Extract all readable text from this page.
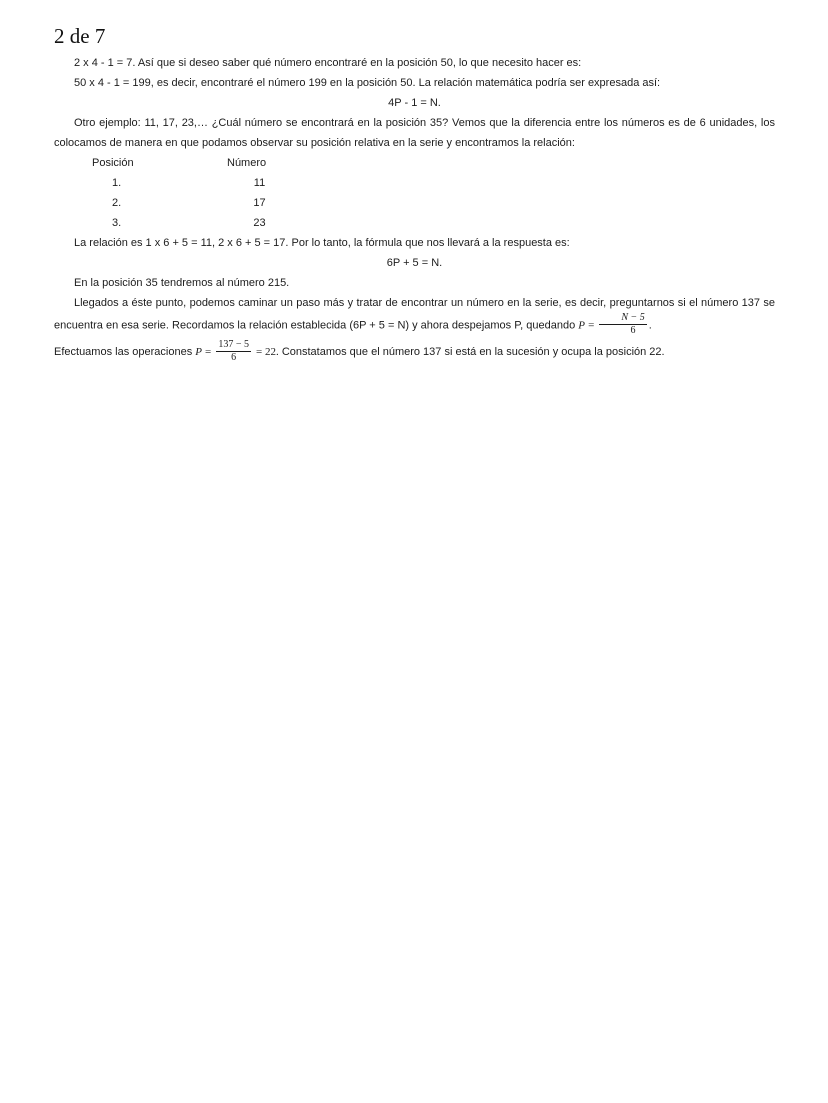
2 de 7

2 x 4 - 1 = 7. Así que si deseo saber qué número encontraré en la posición 50, lo que necesito hacer es:

50 x 4 - 1 = 199, es decir, encontraré el número 199 en la posición 50. La relación matemática podría ser expresada así:

4P - 1 = N.

Otro ejemplo: 11, 17, 23,… ¿Cuál número se encontrará en la posición 35? Vemos que la diferencia entre los números es de 6 unidades, los colocamos de manera en que podamos observar su posición relativa en la serie y encontramos la relación:

Posición	Número
1.	11
2.	17
3.	23

La relación es 1 x 6 + 5 = 11, 2 x 6 + 5 = 17. Por lo tanto, la fórmula que nos llevará a la respuesta es:

6P + 5 = N.

En la posición 35 tendremos al número 215.

Llegados a éste punto, podemos caminar un paso más y tratar de encontrar un número en la serie, es decir, preguntarnos si el número 137 se encuentra en esa serie. Recordamos la relación establecida (6P + 5 = N) y ahora despejamos P, quedando $P = \frac{N - 5}{6}$ .

Efectuamos las operaciones $P = \frac{137 - 5}{6} = 22$. Constatamos que el número 137 si está en la sucesión y ocupa la posición 22.
